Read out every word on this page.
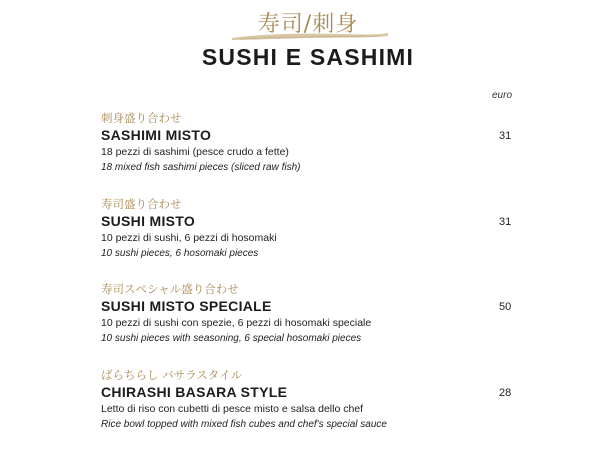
寿司/刺身
SUSHI E SASHIMI
euro
刺身盛り合わせ
SASHIMI MISTO
18 pezzi di sashimi (pesce crudo a fette)
18 mixed fish sashimi pieces (sliced raw fish)
31
寿司盛り合わせ
SUSHI MISTO
10 pezzi di sushi, 6 pezzi di hosomaki
10 sushi pieces, 6 hosomaki pieces
31
寿司スペシャル盛り合わせ
SUSHI MISTO SPECIALE
10 pezzi di sushi con spezie, 6 pezzi di hosomaki speciale
10 sushi pieces with seasoning, 6 special hosomaki pieces
50
ばらちらし バサラスタイル
CHIRASHI BASARA STYLE
Letto di riso con cubetti di pesce misto e salsa dello chef
Rice bowl topped with mixed fish cubes and chef's special sauce
28
